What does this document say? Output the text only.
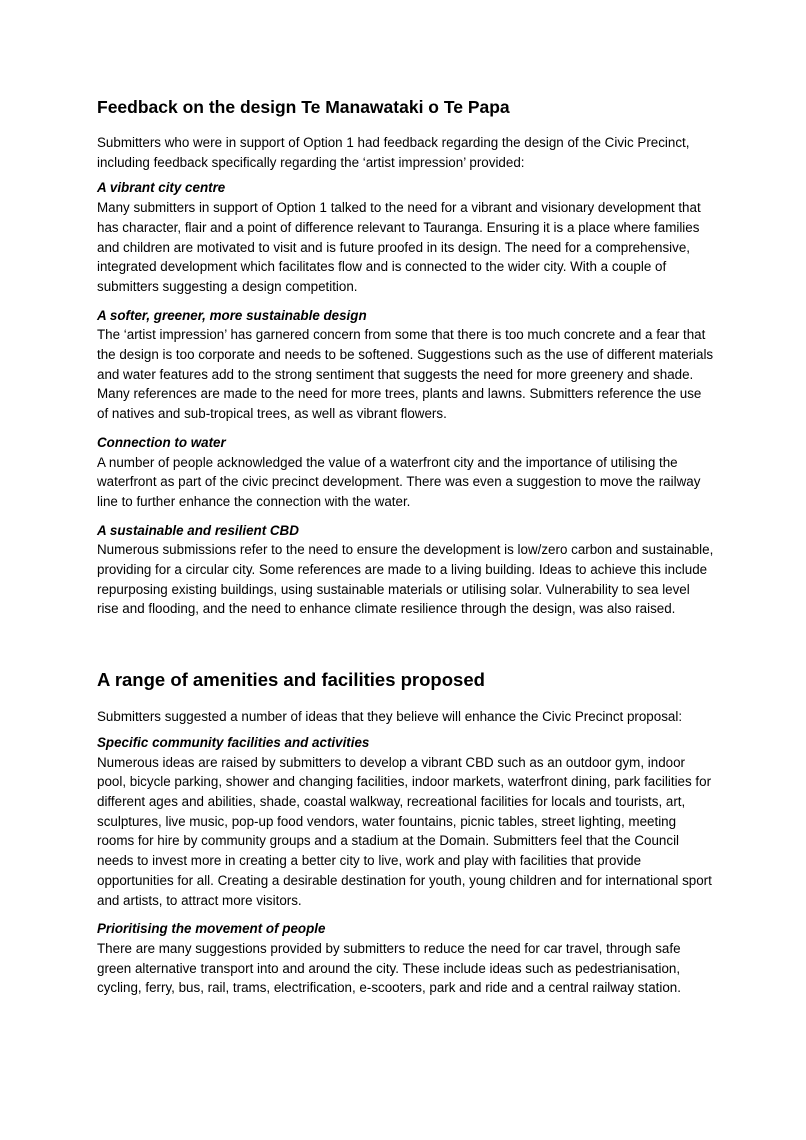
Feedback on the design Te Manawataki o Te Papa

Submitters who were in support of Option 1 had feedback regarding the design of the Civic Precinct, including feedback specifically regarding the ‘artist impression’ provided:

A vibrant city centre

Many submitters in support of Option 1 talked to the need for a vibrant and visionary development that has character, flair and a point of difference relevant to Tauranga. Ensuring it is a place where families and children are motivated to visit and is future proofed in its design. The need for a comprehensive, integrated development which facilitates flow and is connected to the wider city. With a couple of submitters suggesting a design competition.

A softer, greener, more sustainable design

The ‘artist impression’ has garnered concern from some that there is too much concrete and a fear that the design is too corporate and needs to be softened. Suggestions such as the use of different materials and water features add to the strong sentiment that suggests the need for more greenery and shade. Many references are made to the need for more trees, plants and lawns. Submitters reference the use of natives and sub-tropical trees, as well as vibrant flowers.

Connection to water

A number of people acknowledged the value of a waterfront city and the importance of utilising the waterfront as part of the civic precinct development. There was even a suggestion to move the railway line to further enhance the connection with the water.

A sustainable and resilient CBD

Numerous submissions refer to the need to ensure the development is low/zero carbon and sustainable, providing for a circular city. Some references are made to a living building. Ideas to achieve this include repurposing existing buildings, using sustainable materials or utilising solar. Vulnerability to sea level rise and flooding, and the need to enhance climate resilience through the design, was also raised.

A range of amenities and facilities proposed

Submitters suggested a number of ideas that they believe will enhance the Civic Precinct proposal:

Specific community facilities and activities

Numerous ideas are raised by submitters to develop a vibrant CBD such as an outdoor gym, indoor pool, bicycle parking, shower and changing facilities, indoor markets, waterfront dining, park facilities for different ages and abilities, shade, coastal walkway, recreational facilities for locals and tourists, art, sculptures, live music, pop-up food vendors, water fountains, picnic tables, street lighting, meeting rooms for hire by community groups and a stadium at the Domain. Submitters feel that the Council needs to invest more in creating a better city to live, work and play with facilities that provide opportunities for all. Creating a desirable destination for youth, young children and for international sport and artists, to attract more visitors.

Prioritising the movement of people

There are many suggestions provided by submitters to reduce the need for car travel, through safe green alternative transport into and around the city. These include ideas such as pedestrianisation, cycling, ferry, bus, rail, trams, electrification, e-scooters, park and ride and a central railway station.
